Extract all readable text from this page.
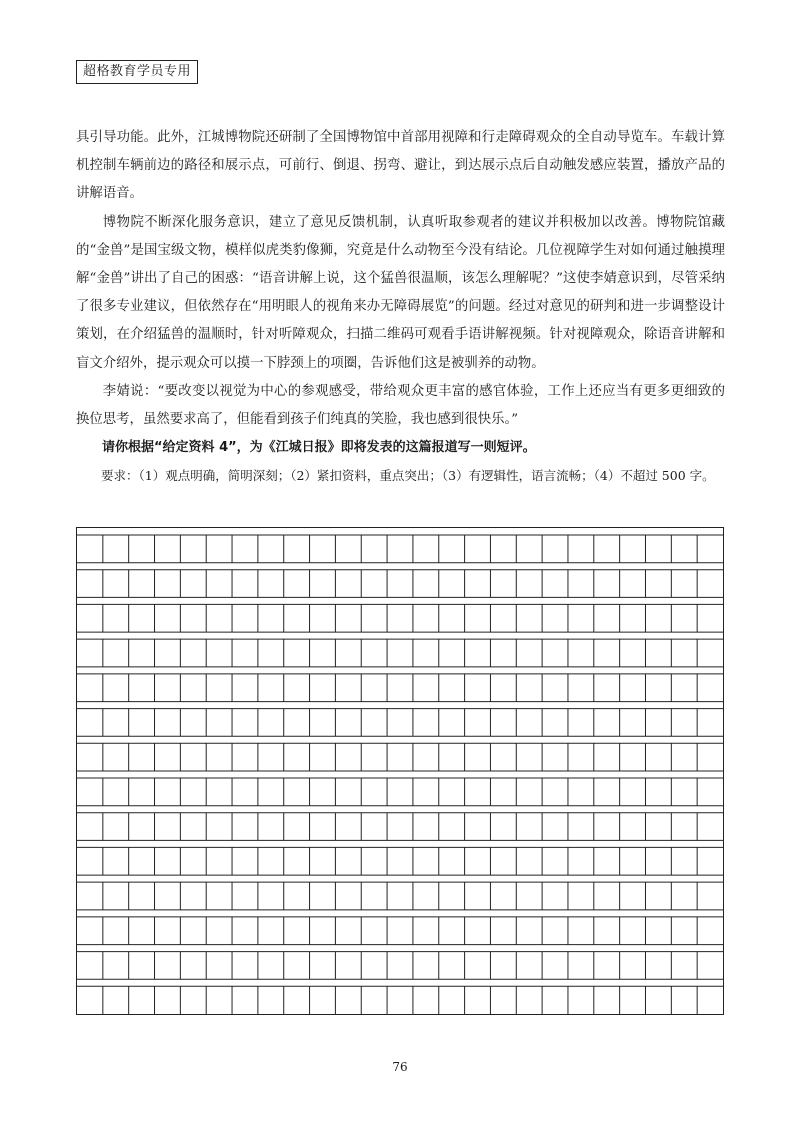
超格教育学员专用

具引导功能。此外，江城博物院还研制了全国博物馆中首部用视障和行走障碍观众的全自动导览车。车载计算机控制车辆前边的路径和展示点，可前行、倒退、拐弯、避让，到达展示点后自动触发感应装置，播放产品的讲解语音。

博物院不断深化服务意识，建立了意见反馈机制，认真听取参观者的建议并积极加以改善。博物院馆藏的“金兽”是国宝级文物，模样似虎类豹像狮，究竟是什么动物至今没有结论。几位视障学生对如何通过触摸理解“金兽”讲出了自己的困惑：“语音讲解上说，这个猛兽很温顺，该怎么理解呢？”这使李婧意识到，尽管采纳了很多专业建议，但依然存在“用明眼人的视角来办无障碍展览”的问题。经过对意见的研判和进一步调整设计策划，在介绍猛兽的温顺时，针对听障观众，扫描二维码可观看手语讲解视频。针对视障观众，除语音讲解和盲文介绍外，提示观众可以摸一下脖颈上的项圈，告诉他们这是被驯养的动物。

李婧说：“要改变以视觉为中心的参观感受，带给观众更丰富的感官体验，工作上还应当有更多更细致的换位思考，虽然要求高了，但能看到孩子们纯真的笑脸，我也感到很快乐。”

请你根据“给定资料 4”，为《江城日报》即将发表的这篇报道写一则短评。

要求：（1）观点明确，简明深刻；（2）紧扣资料，重点突出；（3）有逻辑性，语言流畅；（4）不超过 500 字。

76
